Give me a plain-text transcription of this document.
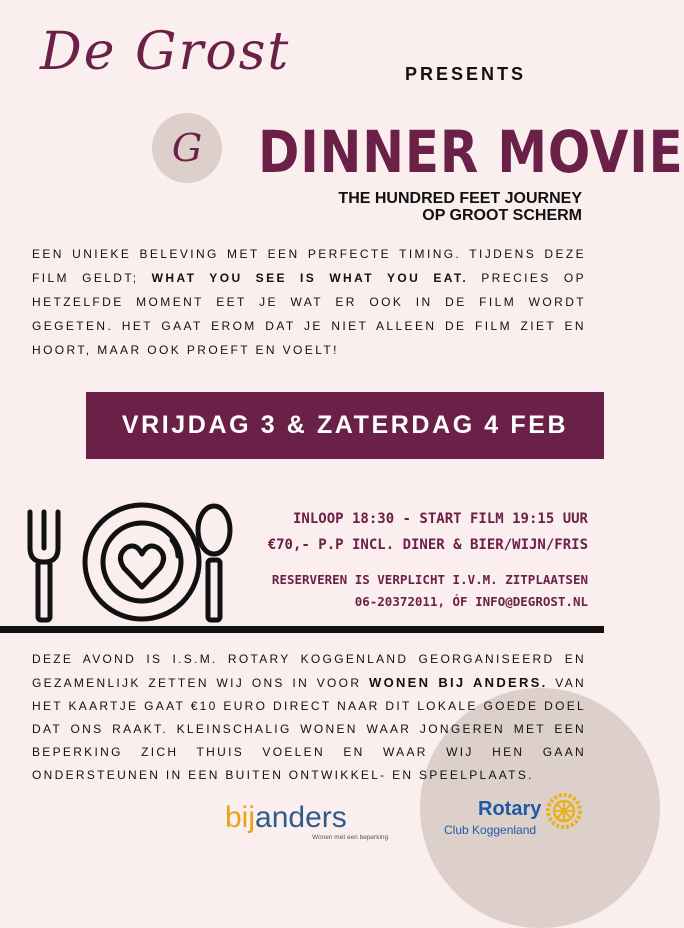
De Grost
G
PRESENTS
DINNER MOVIE
THE HUNDRED FEET JOURNEY
OP GROOT SCHERM
EEN UNIEKE BELEVING MET EEN PERFECTE TIMING. TIJDENS DEZE FILM GELDT; WHAT YOU SEE IS WHAT YOU EAT. PRECIES OP HETZELFDE MOMENT EET JE WAT ER OOK IN DE FILM WORDT GEGETEN. HET GAAT EROM DAT JE NIET ALLEEN DE FILM ZIET EN HOORT, MAAR OOK PROEFT EN VOELT!
VRIJDAG 3 & ZATERDAG 4 FEB
INLOOP 18:30 - START FILM 19:15 UUR
€70,- P.P INCL. DINER & BIER/WIJN/FRIS
RESERVEREN IS VERPLICHT I.V.M. ZITPLAATSEN
06-20372011, ÓF INFO@DEGROST.NL
DEZE AVOND IS I.S.M. ROTARY KOGGENLAND GEORGANISEERD EN GEZAMENLIJK ZETTEN WIJ ONS IN VOOR WONEN BIJ ANDERS. VAN HET KAARTJE GAAT €10 EURO DIRECT NAAR DIT LOKALE GOEDE DOEL DAT ONS RAAKT. KLEINSCHALIG WONEN WAAR JONGEREN MET EEN BEPERKING ZICH THUIS VOELEN EN WAAR WIJ HEN GAAN ONDERSTEUNEN IN EEN BUITEN ONTWIKKEL- EN SPEELPLAATS.
bijanders
Wonen met een beperking
Rotary
Club Koggenland
